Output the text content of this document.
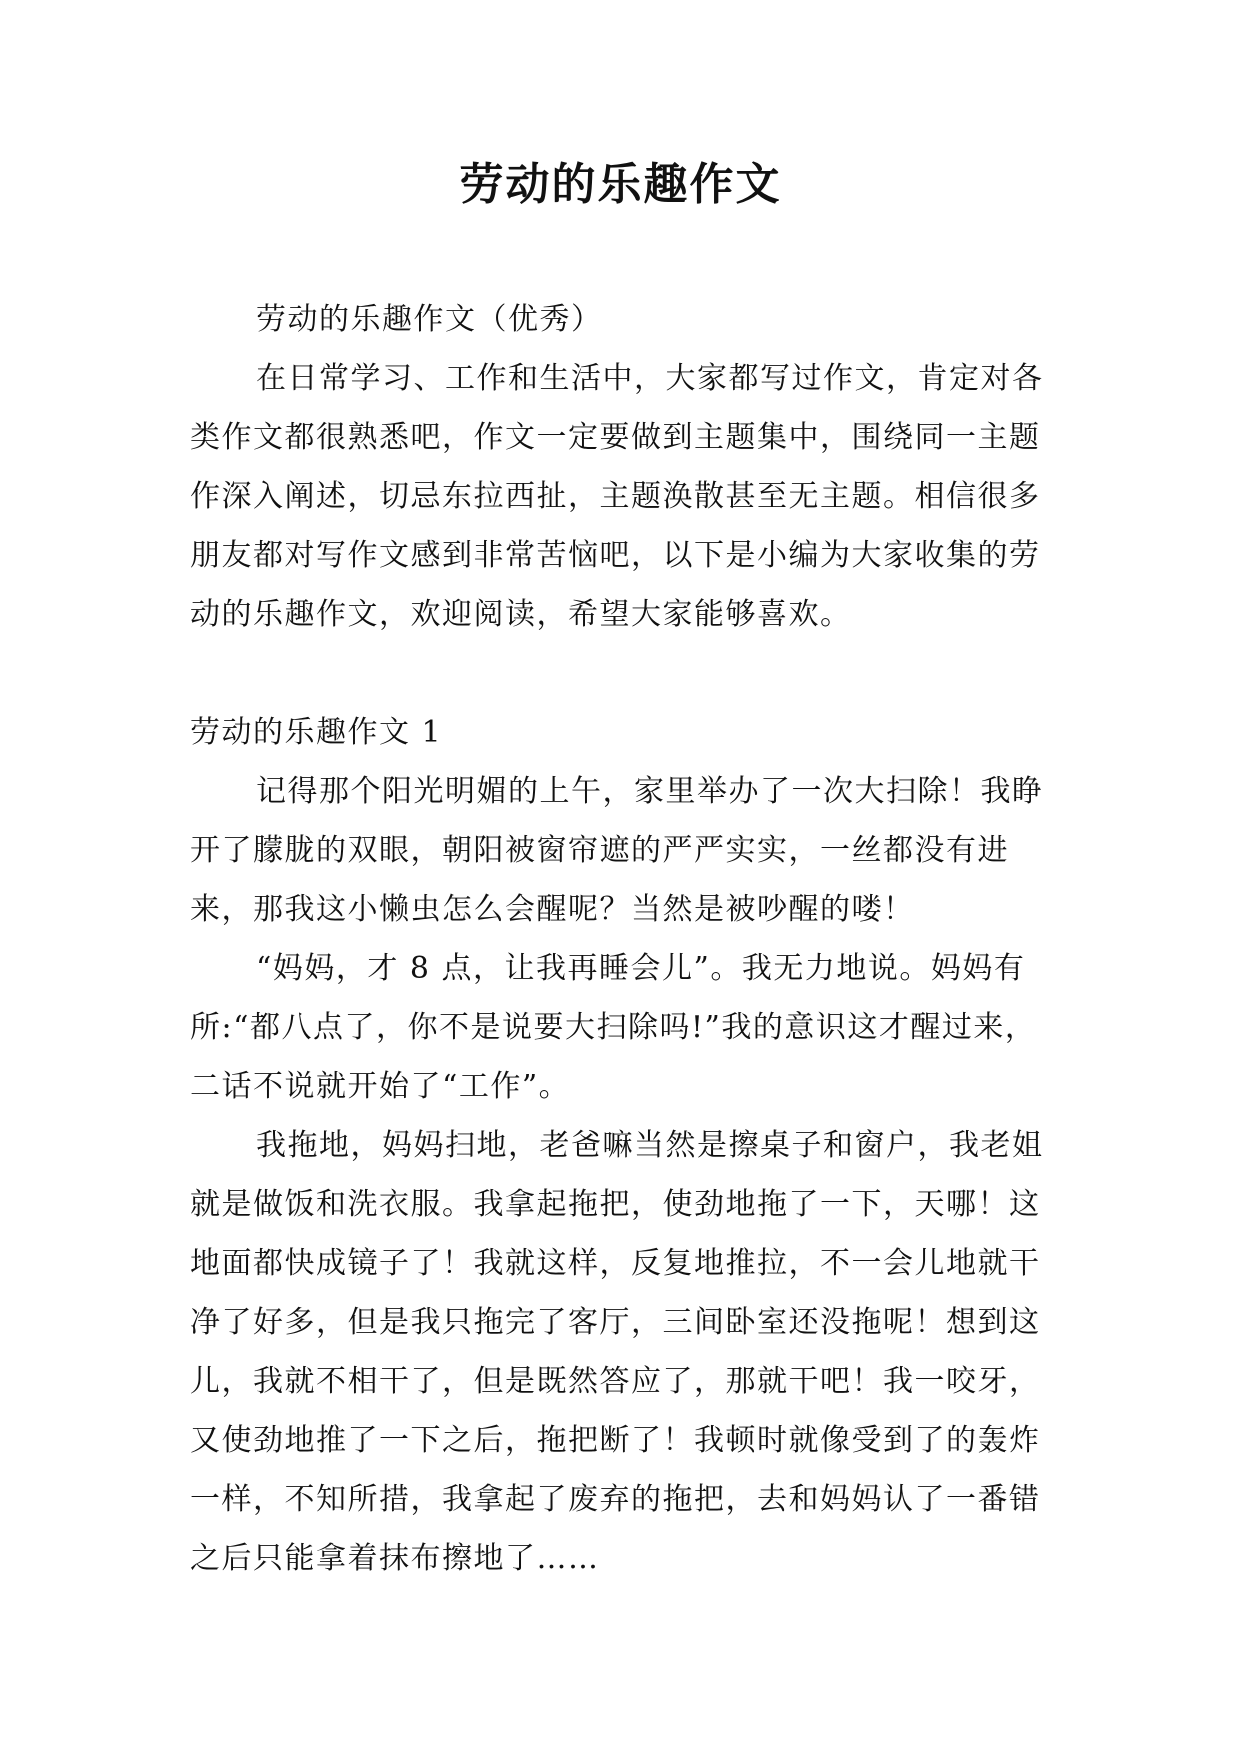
劳动的乐趣作文

劳动的乐趣作文（优秀）

在日常学习、工作和生活中，大家都写过作文，肯定对各类作文都很熟悉吧，作文一定要做到主题集中，围绕同一主题作深入阐述，切忌东拉西扯，主题涣散甚至无主题。相信很多朋友都对写作文感到非常苦恼吧，以下是小编为大家收集的劳动的乐趣作文，欢迎阅读，希望大家能够喜欢。

劳动的乐趣作文 1

记得那个阳光明媚的上午，家里举办了一次大扫除！我睁开了朦胧的双眼，朝阳被窗帘遮的严严实实，一丝都没有进来，那我这小懒虫怎么会醒呢？当然是被吵醒的喽！

“妈妈，才 8 点，让我再睡会儿”。我无力地说。妈妈有所:“都八点了，你不是说要大扫除吗!”我的意识这才醒过来，二话不说就开始了“工作”。

我拖地，妈妈扫地，老爸嘛当然是擦桌子和窗户，我老姐就是做饭和洗衣服。我拿起拖把，使劲地拖了一下，天哪！这地面都快成镜子了！我就这样，反复地推拉，不一会儿地就干净了好多，但是我只拖完了客厅，三间卧室还没拖呢！想到这儿，我就不相干了，但是既然答应了，那就干吧！我一咬牙，又使劲地推了一下之后，拖把断了！我顿时就像受到了的轰炸一样，不知所措，我拿起了废弃的拖把，去和妈妈认了一番错之后只能拿着抹布擦地了……
